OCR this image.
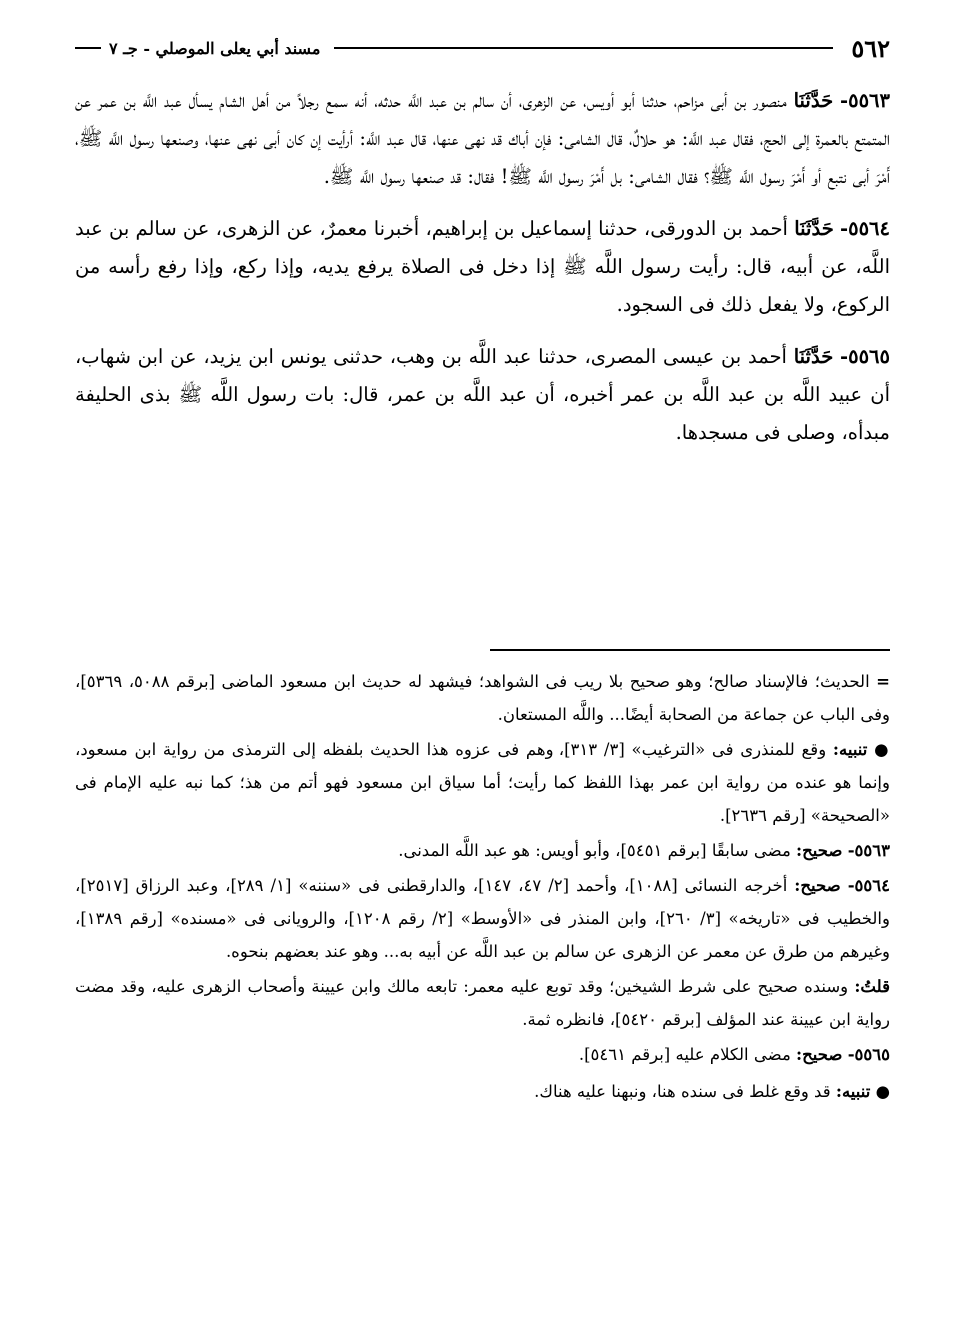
٥٦٢
مسند أبي يعلى الموصلي - جـ ٧

٥٥٦٣- حَدَّثَنَا منصور بن أبى مزاحم، حدثنا أبو أويس، عن الزهرى، أن سالم بن عبد اللَّه حدثه، أنه سمع رجلاً من أهل الشام يسأل عبد اللَّه بن عمر عن المتمتع بالعمرة إلى الحج، فقال عبد اللَّه: هو حلالٌ، قال الشامى: فإن أباك قد نهى عنها، قال عبد اللَّه: أرأيت إن كان أبى نهى عنها، وصنعها رسول اللَّه ﷺ، أَمْرَ أبى نتبع أو أَمْرَ رسول اللَّه ﷺ؟ فقال الشامى: بل أَمْرَ رسول اللَّه ﷺ! فقال: قد صنعها رسول اللَّه ﷺ.

٥٥٦٤- حَدَّثَنَا أحمد بن الدورقى، حدثنا إسماعيل بن إبراهيم، أخبرنا معمرٌ، عن الزهرى، عن سالم بن عبد اللَّه، عن أبيه، قال: رأيت رسول اللَّه ﷺ إذا دخل فى الصلاة يرفع يديه، وإذا ركع، وإذا رفع رأسه من الركوع، ولا يفعل ذلك فى السجود.

٥٥٦٥- حَدَّثَنَا أحمد بن عيسى المصرى، حدثنا عبد اللَّه بن وهب، حدثنى يونس ابن يزيد، عن ابن شهاب، أن عبيد اللَّه بن عبد اللَّه بن عمر أخبره، أن عبد اللَّه بن عمر، قال: بات رسول اللَّه ﷺ بذى الحليفة مبدأه، وصلى فى مسجدها.

= الحديث؛ فالإسناد صالح؛ وهو صحيح بلا ريب فى الشواهد؛ فيشهد له حديث ابن مسعود الماضى [برقم ٥٠٨٨، ٥٣٦٩]، وفى الباب عن جماعة من الصحابة أيضًا... واللَّه المستعان.

● تنبيه: وقع للمنذرى فى «الترغيب» [٣/ ٣١٣]، وهم فى عزوه هذا الحديث بلفظه إلى الترمذى من رواية ابن مسعود، وإنما هو عنده من رواية ابن عمر بهذا اللفظ كما رأيت؛ أما سياق ابن مسعود فهو أتم من هذ؛ كما نبه عليه الإمام فى «الصحيحة» [رقم ٢٦٣٦].

٥٥٦٣- صحيح: مضى سابقًا [برقم ٥٤٥١]، وأبو أويس: هو عبد اللَّه المدنى.

٥٥٦٤- صحيح: أخرجه النسائى [١٠٨٨]، وأحمد [٢/ ٤٧، ١٤٧]، والدارقطنى فى «سننه» [١/ ٢٨٩]، وعبد الرزاق [٢٥١٧]، والخطيب فى «تاريخه» [٣/ ٢٦٠]، وابن المنذر فى «الأوسط» [٢/ رقم ١٢٠٨]، والرويانى فى «مسنده» [رقم ١٣٨٩]، وغيرهم من طرق عن معمر عن الزهرى عن سالم بن عبد اللَّه عن أبيه به... وهو عند بعضهم بنحوه.

قلتُ: وسنده صحيح على شرط الشيخين؛ وقد توبع عليه معمر: تابعه مالك وابن عيينة وأصحاب الزهرى عليه، وقد مضت رواية ابن عيينة عند المؤلف [برقم ٥٤٢٠]، فانظره ثمة.

٥٥٦٥- صحيح: مضى الكلام عليه [برقم ٥٤٦١].

● تنبيه: قد وقع غلط فى سنده هنا، ونبهنا عليه هناك.
